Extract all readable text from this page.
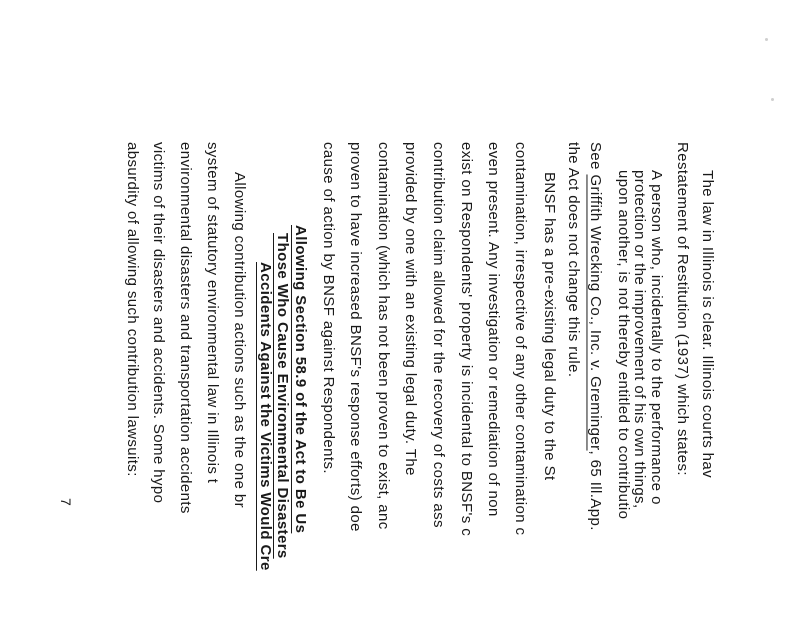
The law in Illinois is clear. Illinois courts hav
Restatement of Restitution (1937) which states:
A person who, incidentally to the performance o
protection or the improvement of his own things,
upon another, is not thereby entitled to contributio
See Griffith Wrecking Co., Inc. v. Greminger, 65 Ill.App.
the Act does not change this rule.
BNSF has a pre-existing legal duty to the St
contamination, irrespective of any other contamination c
even present. Any investigation or remediation of non
exist on Respondents' property is incidental to BNSF's c
contribution claim allowed for the recovery of costs ass
provided by one with an existing legal duty. The
contamination (which has not been proven to exist, anc
proven to have increased BNSF's response efforts) doe
cause of action by BNSF against Respondents.
Allowing Section 58.9 of the Act to Be Us
Those Who Cause Environmental Disasters
Accidents Against the Victims Would Cre
Allowing contribution actions such as the one br
system of statutory environmental law in Illinois t
environmental disasters and transportation accidents
victims of their disasters and accidents. Some hypo
absurdity of allowing such contribution lawsuits:
7
